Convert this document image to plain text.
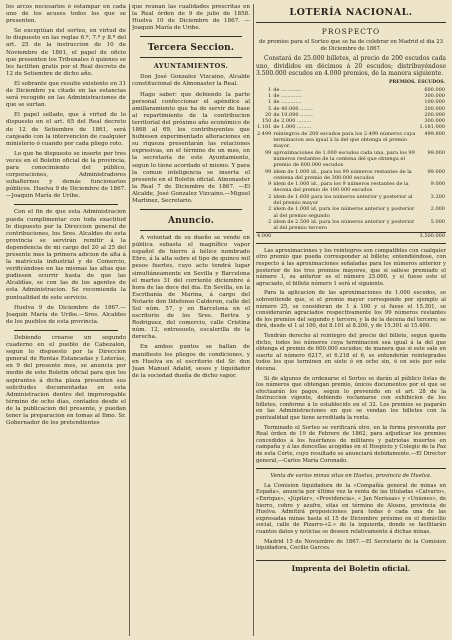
los arcos necesarios ó estampar en cada uno de los acuses todos los que se presenten.

Se exceptúan del sorteo, en virtud de lo dispuesto en las reglas 6.ª, 7.ª y 8.ª del art. 25 de la instruccion de 10 de Noviembre de 1861, el papel de oficio que presenten los Tribunales ó quienes se les faciliten gratis por el Real decreto de 12 de Setiembre de dicho año.

El sobrante que resulte existente en 31 de Diciembre ya citado en las estancias será recogido en las Administraciones de que se surtan.

El papel sellado, que á virtud de lo dispuesto en el art. 65 del Real decreto de 12 de Setiembre de 1861, será canjeado con la intervencion de cualquier ministerio ó cuando por cada pliego roto.

Lo que he dispuesto se inserte por tres veces en el Boletin oficial de la provincia, para conocimiento del público, corporaciones, Administradores subalternos y demás funcionarios públicos. Huelva 9 de Diciembre de 1867.—Joaquin María de Uribe.

Con el fin de que esta Administracion pueda cumplimentar con toda exactitud lo dispuesto por la Direccion general de contribuciones, los Sres. Alcaldes de esta provincia se servirán remitir á la dependencia de mi cargo del 20 al 25 del presente mes la primera adicion de alta á la matrícula industrial y de Comercio, verificándose en las mismas las altas que pudiesen ocurrir hasta de que las Alcaldías, se con las de los agentes de esta Administracion. Se recomienda la puntualidad de este servicio.

Huelva 9 de Diciembre de 1867.—Joaquin María de Uribe.—Sres. Alcaldes de los pueblos de esta provincia.

Debiendo crearse un segundo cuaderno en el pueblo de Cabezalon, segun lo dispuesto por la Direccion general de Rentas Estancadas y Loterías, en 9 del presente mes, se anuncia por medio de este Boletin oficial para que los aspirantes á dicha plaza presenten sus solicitudes documentadas en esta Administracion dentro del improrogable término de ocho días, contados desde el de la publicacion del presente, y puedan tener la preparacion en tomas al Ilmo. Sr. Gobernador de los pretendientes

que reunan las cualidades prescritas en la Real órden de 9 de julio de 1858. Huelva 10 de Diciembre de 1867. —Joaquin María de Uribe.

Tercera Seccion.
AYUNTAMIENTOS.

Don José Gonzalez Vizcaino, Alcalde constitucional de Almonaster la Real.

Hago saber: que debiendo la parte personal confeccionar el apéndice al amillaramiento que ha de servir de base al repartimiento de la contribucion territorial del próximo año económico de 1868 al 69, los contribuyentes que hubiesen experimentado alteraciones en su riqueza presentarán las relaciones expresivas, en el término de un mes, en la secretaría de este Ayuntamiento, segun lo tiene acordado el mismo. Y para la comun inteligencia se inserta el presente en el Boletin oficial. Almonaster la Real 7 de Diciembre de 1867. —El Alcalde, José Gonzalez Vizcaino.—Miguel Martinez, Secretario.

Anuncio.

A voluntad de su dueño se vende en pública subasta el magnífico vapor español de hierro á hélice nombrado Ebro, á la alta sobre el tipo de quince mil pesos fuertes, cuyo acto tendrá lugar simultáneamente en Sevilla y Barcelona el martes 31 del corriente diciembre á hora de las doce del dia. En Sevilla, en la Escribanía de Marina, á cargo del Notario don Ildefonso Calderon, calle del Sol núm. 57, y en Barcelona en el escritorio de los Sres. Bertra y Rodriguez, del comercio, calle Cristina núm. 12, entresuelo, escalerilla de la derecha.

En ambos puntos se hallan de manifiesto los pliegos de condiciones, y en Huelva en el escritorio del Sr. don Juan Manuel Adalid, sesos y liquidador de la sociedad dueña de dicho vapor.

LOTERÍA NACIONAL.
PROSPECTO

de premios para el Sorteo que se ha de celebrar en Madrid el dia 23 de Diciembre de 1867.

Constará de 25.000 billetes, al precio de 200 escudos cada uno, divididos en décimos á 20 escudos; distribuyéndose 3.500.000 escudos en 4.000 premios, de la manera siguiente.

PREMIOS.		ESCUDOS.
1	de .............	600.000
1	de .............	300.000
1	de .............	100.000
5	de 40.000 ........	200.000
20	de 10.000 ........	200.000
150	de 2.000 .........	300.000
1.181	de 1.000 .........	1.181.000
2.499	reintegros de 200 escudos para los 2.499 números cuya terminacion sea igual á la del que obtenga el premio mayor.	499.800
99	aproximaciones de 1.000 escudos cada una, para los 99 números restantes de la centena del que obtenga el premio de 600.000 escudos	99.000
99	idem de 1.000 id., para los 99 números restantes de la centena del premio de 300.000 escudos	99.000
9	idem de 1.000 id., para los 9 números restantes de la decena del premio de 100.000 escudos	9.000
2	idem de 1.600 para los números anterior y posterior al del premio mayor	3.200
2	idem de 1.000 id. para los números anterior y posterior al del premio segundo	2.000
2	idem de 2.500 id. para los números anterior y posterior al del premio tercero	5.000
4.000		3.500.000

Las aproximaciones y los reintegros son compatibles con cualquier otro premio que pueda corresponder al billete; entendiéndose, con respecto á las aproximaciones señaladas para los números anterior y posterior de los tres premios mayores, que si saliese premiado el número 1, su anterior es el número 25.000, y si fuese este el agraciado, el billete número 1 será el siguiente.

Para la aplicacion de las aproximaciones de 1.000 escudos, se sobrentiende que, si el premio mayor corresponde por ejemplo al número 25, se consideran de 1 á 100 y si fuese el 15.301, se considerarán agraciados respectivamente los 99 números restantes de los premios del segundo y tercero, y la de la decena del tercero; se dirá, desde el 1 al 100, del 8.101 al 8.200, y de 15.301 al 15.400.

Tendrán derecho al reintegro del precio del billete, segun queda dicho, todos los números cuya terminacion sea igual á la del que obtenga el premio de 600.000 escudos; de manera que si este sale en suerte al número 6217, el 6.218 el 6, se entenderán reintegrados todos los que terminen en siete ó en ocho sin, ó en seis por este decena.

Si de algunos de ordenarse el Sorteo se darán al público listas de los números que obtengan premio, únicos documentos por el que se efectuarán los pagos, segun lo prevenido en el art. 28 de la Instruccion vigente, debiendo reclamarse con exhibicion de los billetes, conforme á lo establecido en el 32. Los premios se pagarán en las Administraciones en que se vendan los billetes con la puntualidad que tiene acreditada la renta.

Terminado el Sorteo se verificará otro, en la forma prevenida por Real órden de 19 de Febrero de 1862, para adjudicar los premios concedidos á los huérfanos de militares y patriotas muertos en campaña y á las doncellas acogidas en el Hospicio y Colegio de la Paz de esta Córte, cuyo resultado se anunciará debidamente.—El Director general,—Carlos María Coronado.

Venta de varias minas sitas en Huelva, provincia de Huelva.

La Comision liquidadora de la «Compañía general de minas en España», anuncia por último vez la venta de las tituladas «Calvario», «Enrique», «Júpiter», «Providencia», « Jan Nerissas» y «Uniones», de hierro, cobre y azufre, sitas en término de Alosno, provincia de Huelva. Admitirá proposiciones para todas ó cada una de las expresadas minas hasta el 15 de Diciembre próximo en el domicilio social, calle de Pizarro-«2.» de la izquierda, donde se facilitarán cuantos datos y noticias se deseen relativamente á dichas minas.

Madrid 15 de Noviembre de 1867.—El Secretario de la Comision liquidadora, Cecilio Garces.

Imprenta del Boletin oficial.
